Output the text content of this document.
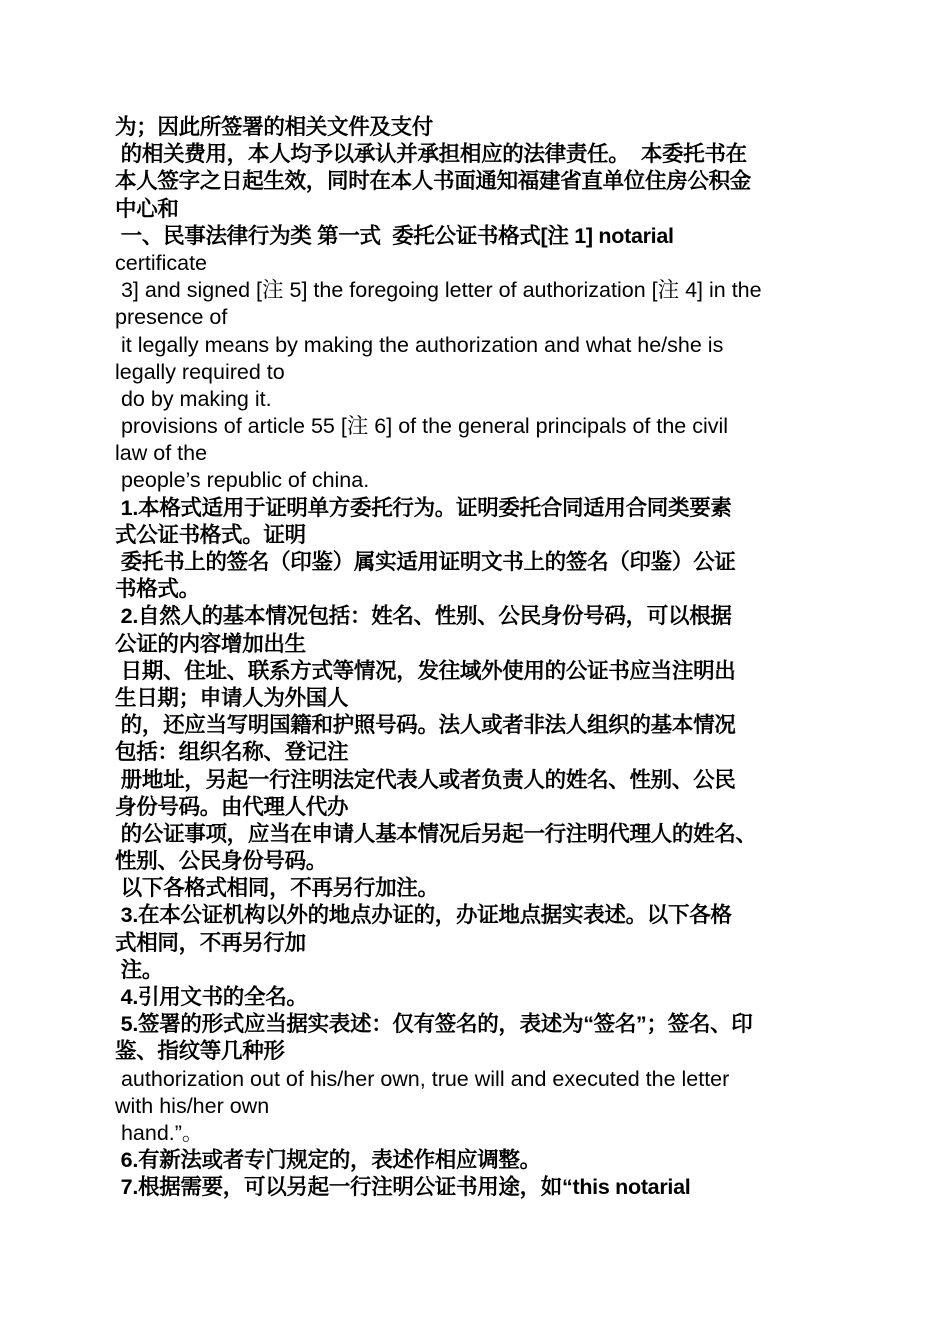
为；因此所签署的相关文件及支付
的相关费用，本人均予以承认并承担相应的法律责任。  本委托书在
本人签字之日起生效，同时在本人书面通知福建省直单位住房公积金
中心和
一、民事法律行为类 第一式  委托公证书格式[注 1] notarial
certificate
3] and signed [注 5] the foregoing letter of authorization [注 4] in the
presence of
it legally means by making the authorization and what he/she is
legally required to
do by making it.
provisions of article 55 [注 6] of the general principals of the civil
law of the
people’s republic of china.
1.本格式适用于证明单方委托行为。证明委托合同适用合同类要素
式公证书格式。证明
委托书上的签名（印鉴）属实适用证明文书上的签名（印鉴）公证
书格式。
2.自然人的基本情况包括：姓名、性别、公民身份号码，可以根据
公证的内容增加出生
日期、住址、联系方式等情况，发往域外使用的公证书应当注明出
生日期；申请人为外国人
的，还应当写明国籍和护照号码。法人或者非法人组织的基本情况
包括：组织名称、登记注
册地址，另起一行注明法定代表人或者负责人的姓名、性别、公民
身份号码。由代理人代办
的公证事项，应当在申请人基本情况后另起一行注明代理人的姓名、
性别、公民身份号码。
以下各格式相同，不再另行加注。
3.在本公证机构以外的地点办证的，办证地点据实表述。以下各格
式相同，不再另行加
注。
4.引用文书的全名。
5.签署的形式应当据实表述：仅有签名的，表述为“签名”；签名、印
鉴、指纹等几种形
authorization out of his/her own, true will and executed the letter
with his/her own
hand.”。
6.有新法或者专门规定的，表述作相应调整。
7.根据需要，可以另起一行注明公证书用途，如“this notarial
